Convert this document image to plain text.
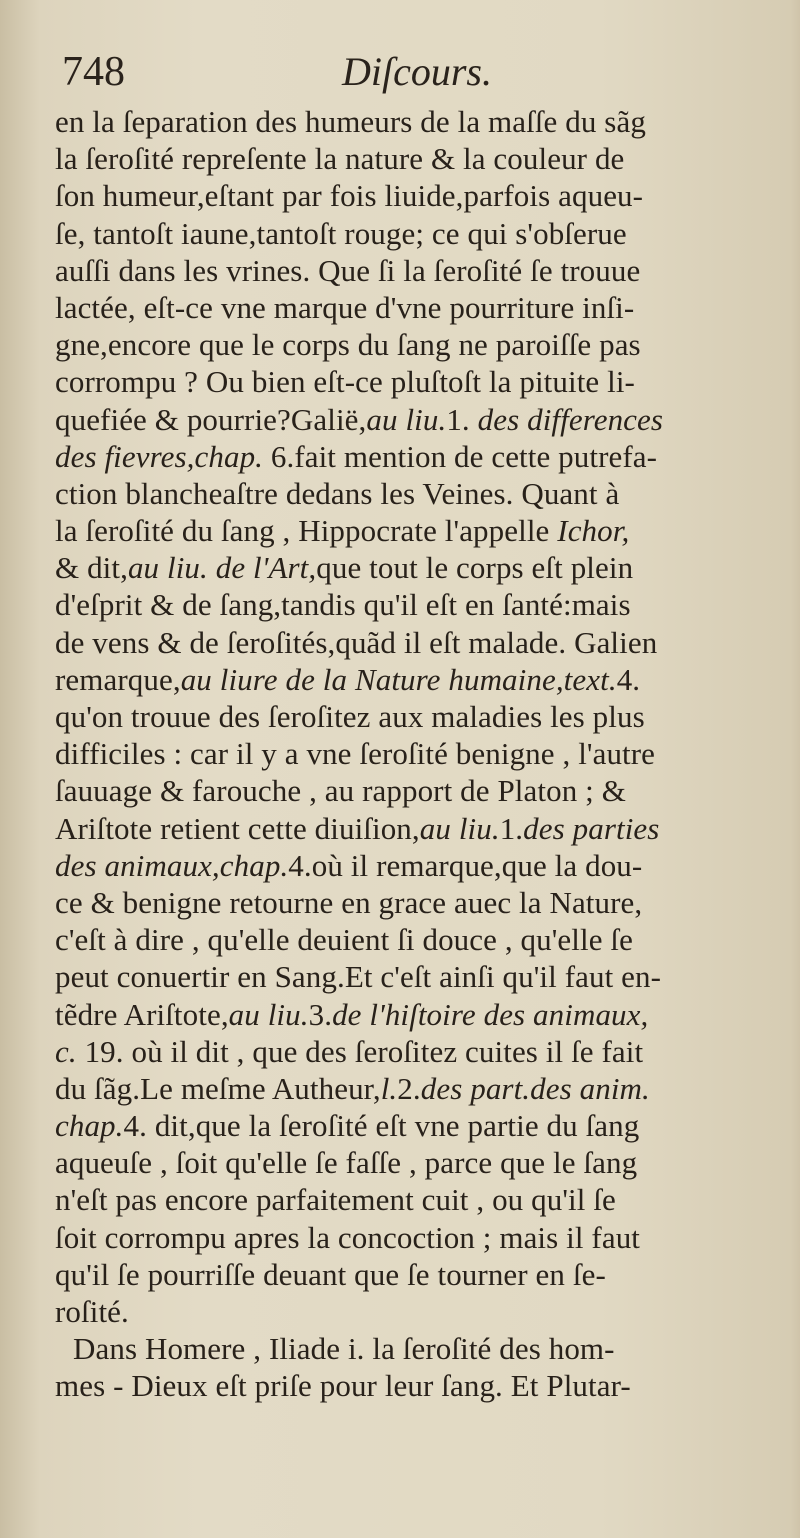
748	Diſcours.
en la ſeparation des humeurs de la maſſe du sãg
la ſeroſité repreſente la nature & la couleur de
ſon humeur,eſtant par fois liuide,parfois aqueu-
ſe, tantoſt iaune,tantoſt rouge; ce qui s'obſerue
auſſi dans les vrines. Que ſi la ſeroſité ſe trouue
lactée, eſt-ce vne marque d'vne pourriture inſi-
gne,encore que le corps du ſang ne paroiſſe pas
corrompu ? Ou bien eſt-ce pluſtoſt la pituite li-
quefiée & pourrie?Galië,au liu.1. des differences
des fievres,chap. 6.fait mention de cette putrefa-
ction blancheaſtre dedans les Veines. Quant à
la ſeroſité du ſang , Hippocrate l'appelle Ichor,
& dit,au liu. de l'Art,que tout le corps eſt plein
d'eſprit & de ſang,tandis qu'il eſt en ſanté:mais
de vens & de ſeroſités,quãd il eſt malade. Galien
remarque,au liure de la Nature humaine,text.4.
qu'on trouue des ſeroſitez aux maladies les plus
difficiles : car il y a vne ſeroſité benigne , l'autre
ſauuage & farouche , au rapport de Platon ; &
Ariſtote retient cette diuiſion,au liu.1.des parties
des animaux,chap.4.où il remarque,que la dou-
ce & benigne retourne en grace auec la Nature,
c'eſt à dire , qu'elle deuient ſi douce , qu'elle ſe
peut conuertir en Sang.Et c'eſt ainſi qu'il faut en-
tẽdre Ariſtote,au liu.3.de l'hiſtoire des animaux,
c. 19. où il dit , que des ſeroſitez cuites il ſe fait
du ſãg.Le meſme Autheur,l.2.des part.des anim.
chap.4. dit,que la ſeroſité eſt vne partie du ſang
aqueuſe , ſoit qu'elle ſe faſſe , parce que le ſang
n'eſt pas encore parfaitement cuit , ou qu'il ſe
ſoit corrompu apres la concoction ; mais il faut
qu'il ſe pourriſſe deuant que ſe tourner en ſe-
roſité.
Dans Homere , Iliade i. la ſeroſité des hom-
mes - Dieux eſt priſe pour leur ſang. Et Plutar-
